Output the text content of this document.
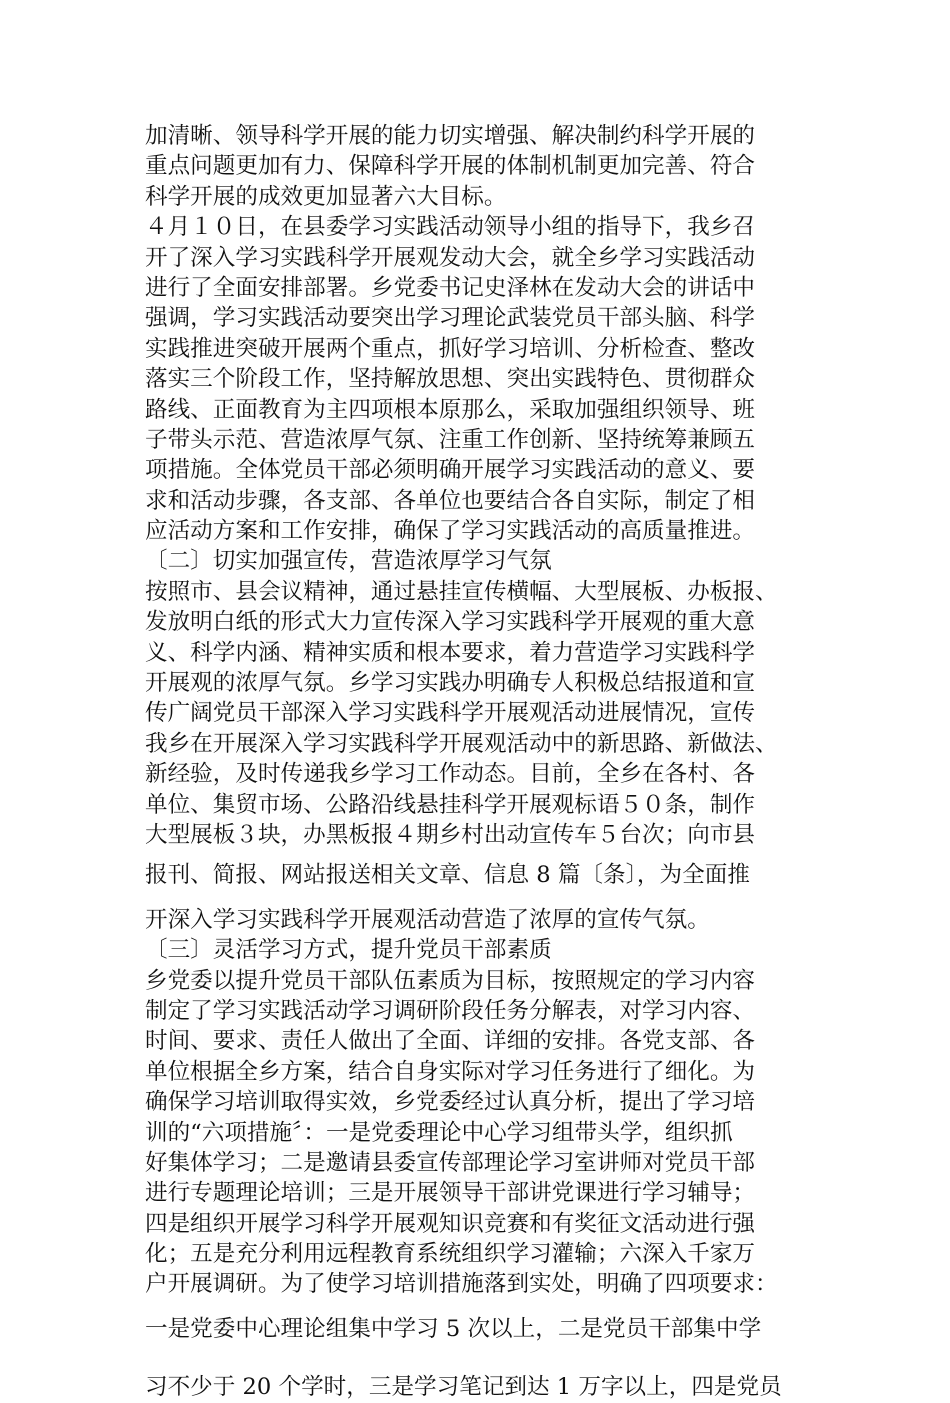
加清晰、领导科学开展的能力切实增强、解决制约科学开展的
重点问题更加有力、保障科学开展的体制机制更加完善、符合
科学开展的成效更加显著六大目标。
４月１０日，在县委学习实践活动领导小组的指导下，我乡召
开了深入学习实践科学开展观发动大会，就全乡学习实践活动
进行了全面安排部署。乡党委书记史泽林在发动大会的讲话中
强调，学习实践活动要突出学习理论武装党员干部头脑、科学
实践推进突破开展两个重点，抓好学习培训、分析检查、整改
落实三个阶段工作，坚持解放思想、突出实践特色、贯彻群众
路线、正面教育为主四项根本原那么，采取加强组织领导、班
子带头示范、营造浓厚气氛、注重工作创新、坚持统筹兼顾五
项措施。全体党员干部必须明确开展学习实践活动的意义、要
求和活动步骤，各支部、各单位也要结合各自实际，制定了相
应活动方案和工作安排，确保了学习实践活动的高质量推进。
〔二〕切实加强宣传，营造浓厚学习气氛
按照市、县会议精神，通过悬挂宣传横幅、大型展板、办板报、
发放明白纸的形式大力宣传深入学习实践科学开展观的重大意
义、科学内涵、精神实质和根本要求，着力营造学习实践科学
开展观的浓厚气氛。乡学习实践办明确专人积极总结报道和宣
传广阔党员干部深入学习实践科学开展观活动进展情况，宣传
我乡在开展深入学习实践科学开展观活动中的新思路、新做法、
新经验，及时传递我乡学习工作动态。目前，全乡在各村、各
单位、集贸市场、公路沿线悬挂科学开展观标语５０条，制作
大型展板３块，办黑板报４期乡村出动宣传车５台次；向市县
报刊、简报、网站报送相关文章、信息 8 篇〔条〕，为全面推
开深入学习实践科学开展观活动营造了浓厚的宣传气氛。
〔三〕灵活学习方式，提升党员干部素质
乡党委以提升党员干部队伍素质为目标，按照规定的学习内容
制定了学习实践活动学习调研阶段任务分解表，对学习内容、
时间、要求、责任人做出了全面、详细的安排。各党支部、各
单位根据全乡方案，结合自身实际对学习任务进行了细化。为
确保学习培训取得实效，乡党委经过认真分析，提出了学习培
训的“六项措施〞：一是党委理论中心学习组带头学，组织抓
好集体学习；二是邀请县委宣传部理论学习室讲师对党员干部
进行专题理论培训；三是开展领导干部讲党课进行学习辅导；
四是组织开展学习科学开展观知识竞赛和有奖征文活动进行强
化；五是充分利用远程教育系统组织学习灌输；六深入千家万
户开展调研。为了使学习培训措施落到实处，明确了四项要求：
一是党委中心理论组集中学习 5 次以上，二是党员干部集中学
习不少于 20 个学时，三是学习笔记到达 1 万字以上，四是党员
